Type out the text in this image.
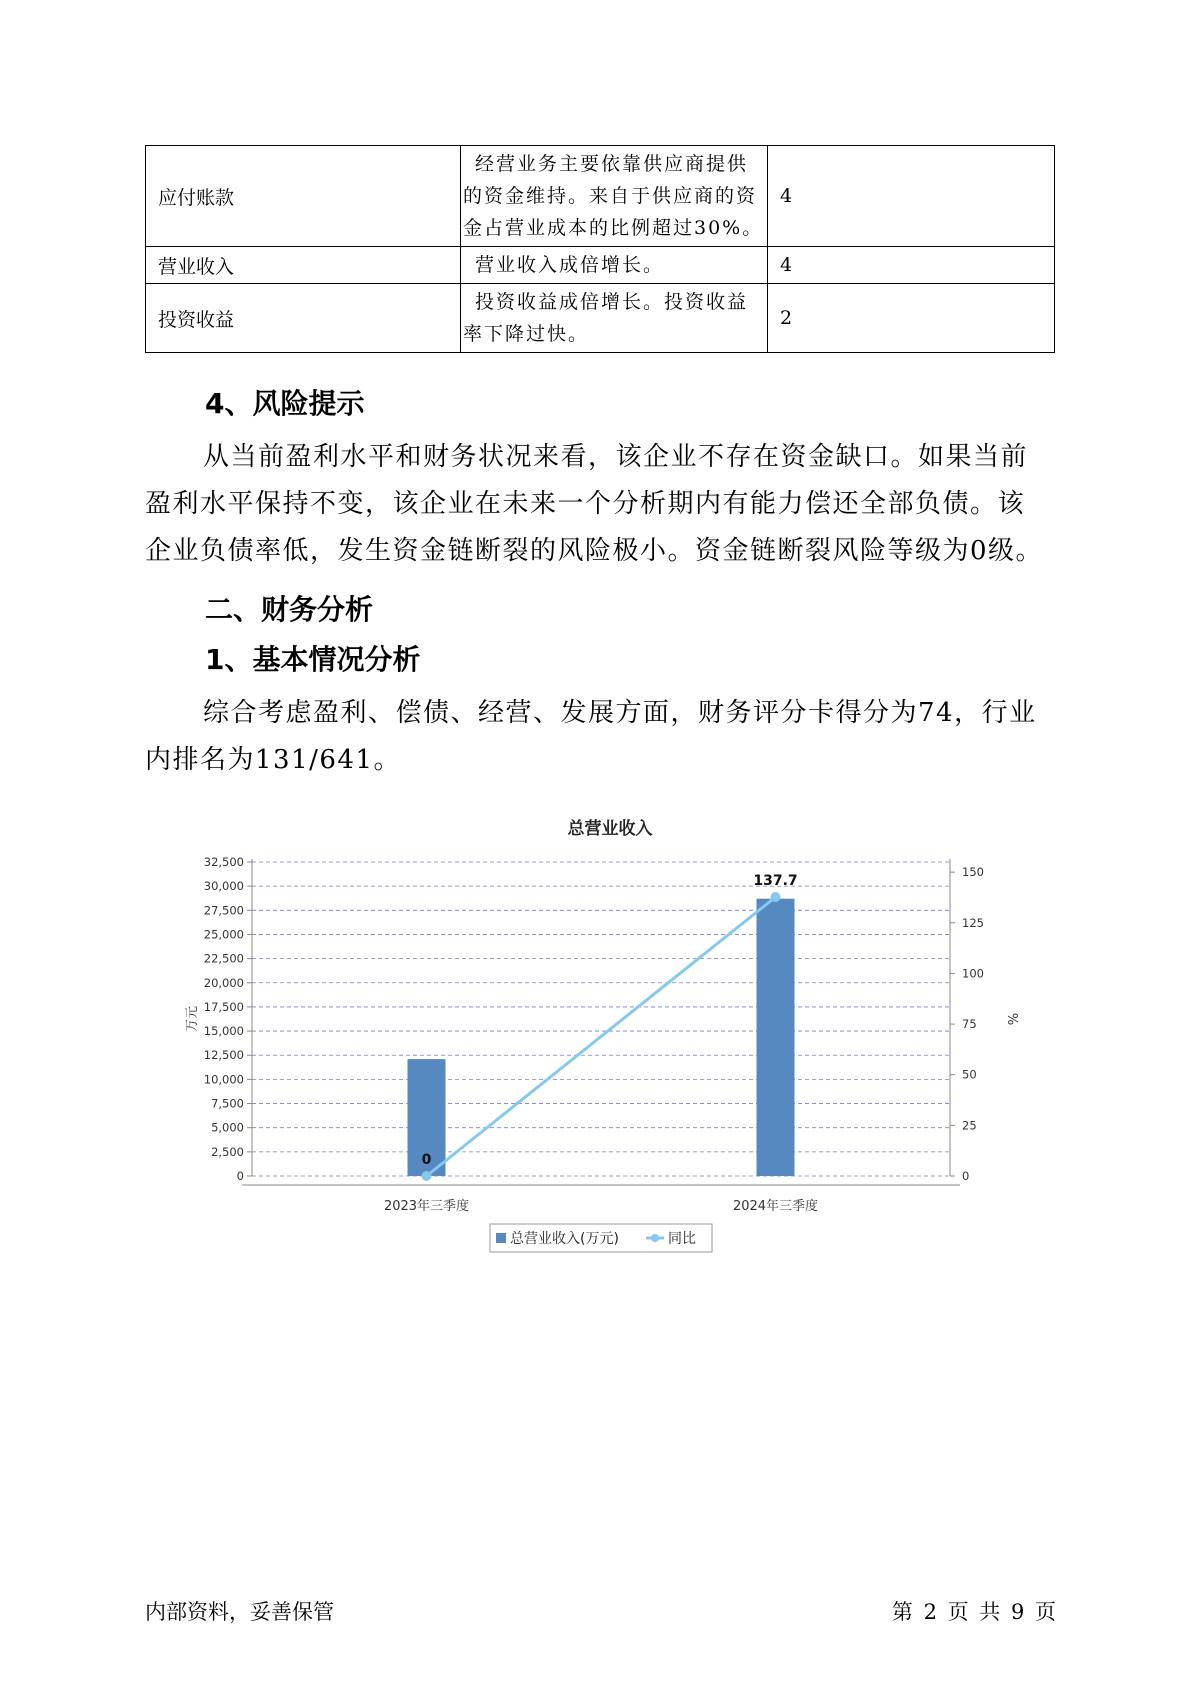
应付账款	经营业务主要依靠供应商提供的资金维持。来自于供应商的资金占营业成本的比例超过30%。	4
营业收入	营业收入成倍增长。	4
投资收益	投资收益成倍增长。投资收益率下降过快。	2
4、风险提示

从当前盈利水平和财务状况来看，该企业不存在资金缺口。如果当前盈利水平保持不变，该企业在未来一个分析期内有能力偿还全部负债。该企业负债率低，发生资金链断裂的风险极小。资金链断裂风险等级为0级。

二、财务分析
1、基本情况分析

综合考虑盈利、偿债、经营、发展方面，财务评分卡得分为74，行业内排名为131/641。

总营业收入
0
2,500
5,000
7,500
10,000
12,500
15,000
17,500
20,000
22,500
25,000
27,500
30,000
32,500
0
25
50
75
100
125
150
万元	%
2023年三季度	2024年三季度
0
137.7
总营业收入(万元)	同比
内部资料，妥善保管	第 2 页 共 9 页
